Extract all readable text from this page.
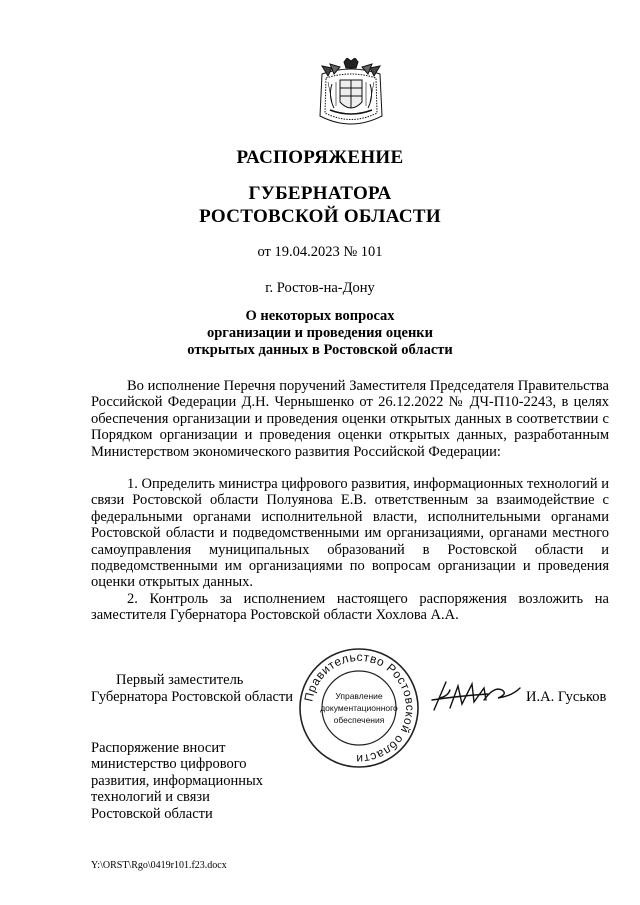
РАСПОРЯЖЕНИЕ
ГУБЕРНАТОРА
РОСТОВСКОЙ ОБЛАСТИ
от 19.04.2023 № 101
г. Ростов-на-Дону
О некоторых вопросах
организации и проведения оценки
открытых данных в Ростовской области

Во исполнение Перечня поручений Заместителя Председателя Правительства Российской Федерации Д.Н. Чернышенко от 26.12.2022 № ДЧ-П10-2243, в целях обеспечения организации и проведения оценки открытых данных в соответствии с Порядком организации и проведения оценки открытых данных, разработанным Министерством экономического развития Российской Федерации:

1. Определить министра цифрового развития, информационных технологий и связи Ростовской области Полуянова Е.В. ответственным за взаимодействие с федеральными органами исполнительной власти, исполнительными органами Ростовской области и подведомственными им организациями, органами местного самоуправления муниципальных образований в Ростовской области и подведомственными им организациями по вопросам организации и проведения оценки открытых данных.

2. Контроль за исполнением настоящего распоряжения возложить на заместителя Губернатора Ростовской области Хохлова А.А.

Первый заместитель
Губернатора Ростовской области Правительство Ростовской области
Управление
документационного
обеспечения
И.А. Гуськов
Распоряжение вносит
министерство цифрового
развития, информационных
технологий и связи
Ростовской области
Y:\ORST\Rgo\0419r101.f23.docx
